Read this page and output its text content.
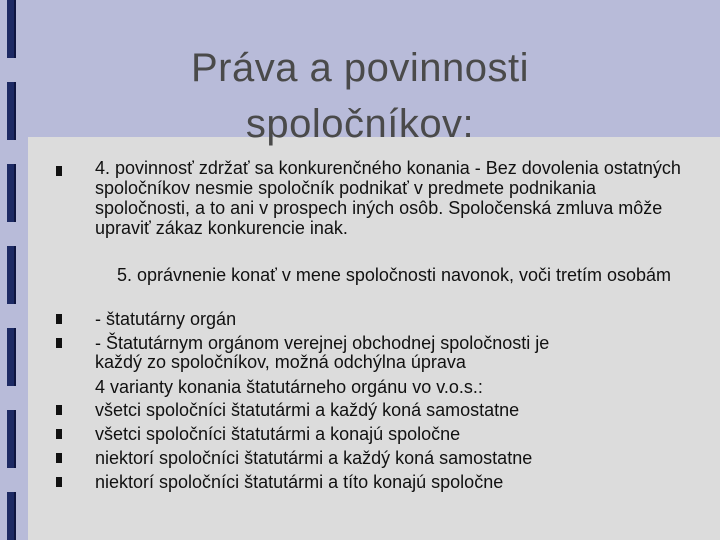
Práva a povinnosti
spoločníkov:
4. povinnosť zdržať sa konkurenčného konania - Bez dovolenia ostatných spoločníkov nesmie spoločník podnikať v predmete podnikania spoločnosti, a to ani v prospech iných osôb. Spoločenská zmluva môže upraviť zákaz konkurencie inak.
5. oprávnenie konať v mene spoločnosti navonok, voči tretím osobám
- štatutárny orgán
- Štatutárnym orgánom verejnej obchodnej spoločnosti je
každý zo spoločníkov, možná odchýlna úprava
4 varianty konania štatutárneho orgánu vo v.o.s.:
všetci spoločníci štatutármi a každý koná samostatne
všetci spoločníci štatutármi a konajú spoločne
niektorí spoločníci štatutármi a každý koná samostatne
niektorí spoločníci štatutármi a títo konajú spoločne
